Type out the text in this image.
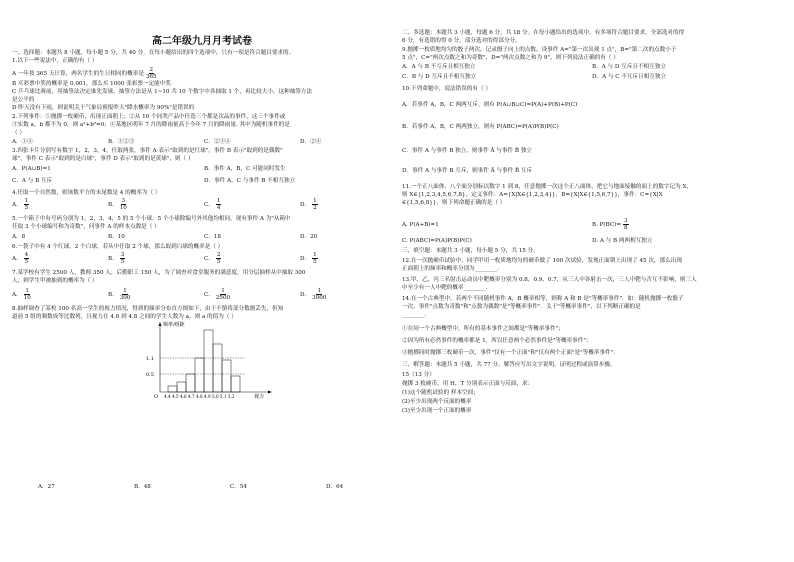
高二年级九月月考试卷
一、选择题：本题共 8 小题，每小题 5 分，共 40 分。在每小题给出的四个选项中，只有一项是符合题目要求的。
1.以下一些说法中，正确的有（ ）
A 一年按 365 天计算，两名学生的生日相同的概率是 $\frac{2}{365}$
B 买彩票中奖的概率是 0.001，那么买 1000 张彩票一定能中奖
C 乒乓球比赛前，用抽签法决定谁先发球，抽签方法是从 1~10 共 10 个数字中各抽取 1 个，再比较大小，这种抽签方法
是公平的
D 昨天没有下雨，则说明关于气象局预报昨天"降水概率为 90%"是错误的
2.下列事件：①抛掷一枚硬币，出现正面朝上；②从 10 个同类产品中任选三个都是次品的事件，这三个事件或
③实数 a，b 都不为 0，则 a²+b²=0；④某地区明年 7 月的降雨量高于今年 7 月的降雨量. 其中为随机事件的是
（ ）
A．①④	B．①②③	C．②③④	D．②④
3.四张卡片分别写有数字 1，2，3，4，任取两张，事件 A 表示"取到的是红球"，事件 B 表示"取到的是偶数"
球"，事件 C 表示"取到的是白球"，事件 D 表示"取到的是黄球"，则（ ）
A．P(A∪B)=1	B．事件 A，B，C 可能同时发生
C．A 与 B 互斥	D．事件 A，C 与事件 B 不相互独立
4.任取一个自然数，则该数平方的末尾数是 4 的概率为（ ）
A． $\frac{1}{5}$	B． $\frac{3}{10}$	C． $\frac{1}{4}$	D． $\frac{1}{2}$
5.一个箱子中有号码分别为 1，2，3，4，5 的 5 个小球，5 个小球除编号外其他均相同，现有事件 A 为"从箱中
任取 3 个小球编号和为奇数"，问事件 A 的样本点数是（ ）
A．8	B．10	C．18	D．20
6.一袋子中有 4 个红球，2 个白球，若从中任取 2 个球，那么取到白球的概率是（ ）
A． $\frac{4}{5}$	B． $\frac{3}{5}$	C． $\frac{2}{5}$	D． $\frac{1}{5}$
7.某学校有学生 2500 人，教师 350 人，后勤职工 150 人，为了调查对食堂服务的满意度，用分层抽样从中抽取 300
人，则学生甲被抽到的概率为（ ）
A． $\frac{1}{10}$	B． $\frac{1}{300}$	C． $\frac{1}{2500}$	D． $\frac{1}{3000}$
8.抽样调查了某校 100 名高一学生的视力情况，得到的频率分布直方图如下，由于不慎将部分数据丢失，但知
道前 5 组的频数成等比数列，且视力在 4.6 到 4.8 之间的学生人数为 a，则 a 的值为（ ）
1.1
0.5
频率/组距
O 4.4 4.5 4.6 4.7 4.8 4.9 5.0 5.1 5.2	视力
A．27	B．48	C．54	D．64
二、多选题：本题共 3 小题，每题 6 分，共 18 分。在每小题给出的选项中，有多项符合题目要求。全部选对的得
6 分，有选错的得 0 分，部分选对的得部分分。
9.抛掷一枚质地均匀的骰子两次，记录骰子向上的点数，设事件 A="第一次出现 1 点"，B="第二次的点数小于
5 点"，C="两次点数之和为奇数"，D="两次点数之和为 9"，则下列说法正确的有（ ）
A．A 与 B 不互斥且相互独立	B．A 与 D 互斥且不相互独立
C．B 与 D 互斥且不相互独立	D．A 与 C 不互斥且相互独立
10.下列命题中，说法错误的有（ ）
A．若事件 A，B，C 两两互斥，则有 P(A∪B∪C)=P(A)+P(B)+P(C)
B．若事件 A，B，C 两两独立，则有 P(ABC)=P(A)P(B)P(C)
C．事件 A 与事件 B 独立，则事件 Ā 与事件 B̄ 独立
D．事件 A 与事件 B 互斥，则事件 Ā 与事件 B̄ 互斥
11.一个正八面体，八个面分别标以数字 1 到 8，任意抛掷一次这个正八面体，把它与地面接触的面上的数字记为 X，
则 X∈{1,2,3,4,5,6,7,8}，定义事件：A={X|X∈{1,2,3,4}}，B={X|X∈{1,5,6,7}}，事件：C={X|X
∈{1,5,6,8}}，则下列命题正确的是（ ）
A. P(A+B)=1	B. $P(BC)= \frac{3}{8}$
C. P(ABC)=P(A)P(B)P(C)	D. A 与 B 两两相互独立
三、填空题：本题共 3 小题，每小题 5 分，共 15 分。
12.在一次抛硬币试验中，同学甲用一枚质地均匀的硬币做了 100 次试验，发现正面朝上出现了 45 次，那么出现
正面朝上的频率和概率分别为________．
13.甲、乙、丙三名射击运动员中靶概率分别为 0.8，0.9，0.7，从三人中各射击一次，三人中靶与否互不影响，则三人
中至少有一人中靶的概率________．
14.在一个古典型中，若两个不同随机事件 A，B 概率相等，则称 A 和 B 是"等概率事件"．如：随机抛掷一枚骰子
一次，事件"点数为奇数"和"点数为偶数"是"等概率事件"．关于"等概率事件"，以下判断正确的是
________.
①在同一个古典概型中，所有的基本事件之间都是"等概率事件"；
②因为所有必然事件的概率都是 1，所以任意两个必然事件是"等概率事件"；
③抛掷同时抛掷三枚硬币一次，事件"仅有一个正面"和"仅有两个正面"是"等概率事件"．
三、解答题：本题共 5 小题，共 77 分。解答应写出文字说明，证明过程或演算步骤。
15（13 分）
抛掷 3 枚硬币，用 H，T 分别表示正面与反面，求：
(1)这个随机试验的 样本空间；
(2)至少出现两个反面的概率
(3)至少出现一个正面的概率
